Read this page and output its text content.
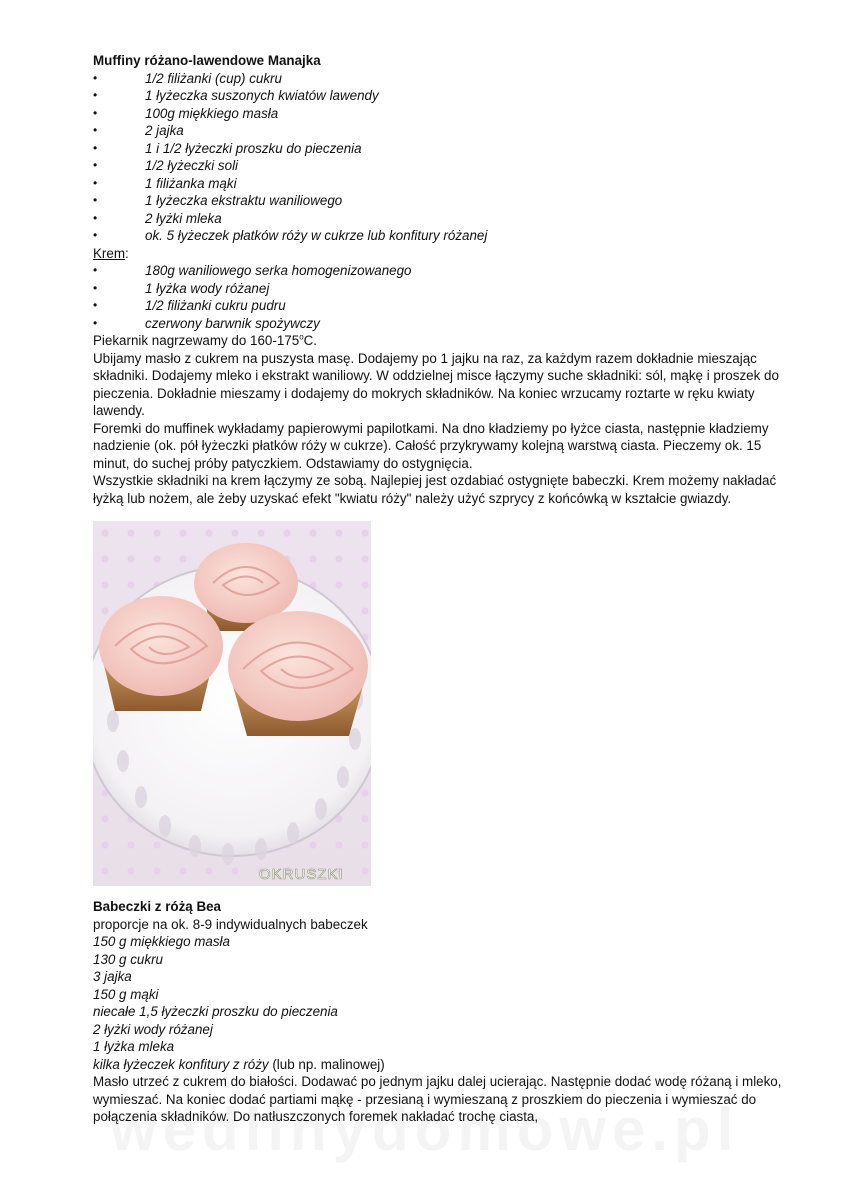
Muffiny różano-lawendowe Manajka

• 1/2 filiżanki (cup) cukru
• 1 łyżeczka suszonych kwiatów lawendy
• 100g miękkiego masła
• 2 jajka
• 1 i 1/2 łyżeczki proszku do pieczenia
• 1/2 łyżeczki soli
• 1 filiżanka mąki
• 1 łyżeczka ekstraktu waniliowego
• 2 łyżki mleka
• ok. 5 łyżeczek płatków róży w cukrze lub konfitury różanej

Krem:

• 180g waniliowego serka homogenizowanego
• 1 łyżka wody różanej
• 1/2 filiżanki cukru pudru
• czerwony barwnik spożywczy

Piekarnik nagrzewamy do 160-175$^o$C.

Ubijamy masło z cukrem na puszysta masę. Dodajemy po 1 jajku na raz, za każdym razem dokładnie mieszając składniki. Dodajemy mleko i ekstrakt waniliowy. W oddzielnej misce łączymy suche składniki: sól, mąkę i proszek do pieczenia. Dokładnie mieszamy i dodajemy do mokrych składników. Na koniec wrzucamy roztarte w ręku kwiaty lawendy.

Foremki do muffinek wykładamy papierowymi papilotkami. Na dno kładziemy po łyżce ciasta, następnie kładziemy nadzienie (ok. pół łyżeczki płatków róży w cukrze). Całość przykrywamy kolejną warstwą ciasta. Pieczemy ok. 15 minut, do suchej próby patyczkiem. Odstawiamy do ostygnięcia.

Wszystkie składniki na krem łączymy ze sobą. Najlepiej jest ozdabiać ostygnięte babeczki. Krem możemy nakładać łyżką lub nożem, ale żeby uzyskać efekt "kwiatu róży" należy użyć szprycy z końcówką w kształcie gwiazdy.

OKRUSZKI

Babeczki z różą Bea

proporcje na ok. 8-9 indywidualnych babeczek

150 g miękkiego masła

130 g cukru

3 jajka

150 g mąki

niecałe 1,5 łyżeczki proszku do pieczenia

2 łyżki wody różanej

1 łyżka mleka

kilka łyżeczek konfitury z róży (lub np. malinowej)

Masło utrzeć z cukrem do białości. Dodawać po jednym jajku dalej ucierając. Następnie dodać wodę różaną i mleko, wymieszać. Na koniec dodać partiami mąkę - przesianą i wymieszaną z proszkiem do pieczenia i wymieszać do połączenia składników. Do natłuszczonych foremek nakładać trochę ciasta,
